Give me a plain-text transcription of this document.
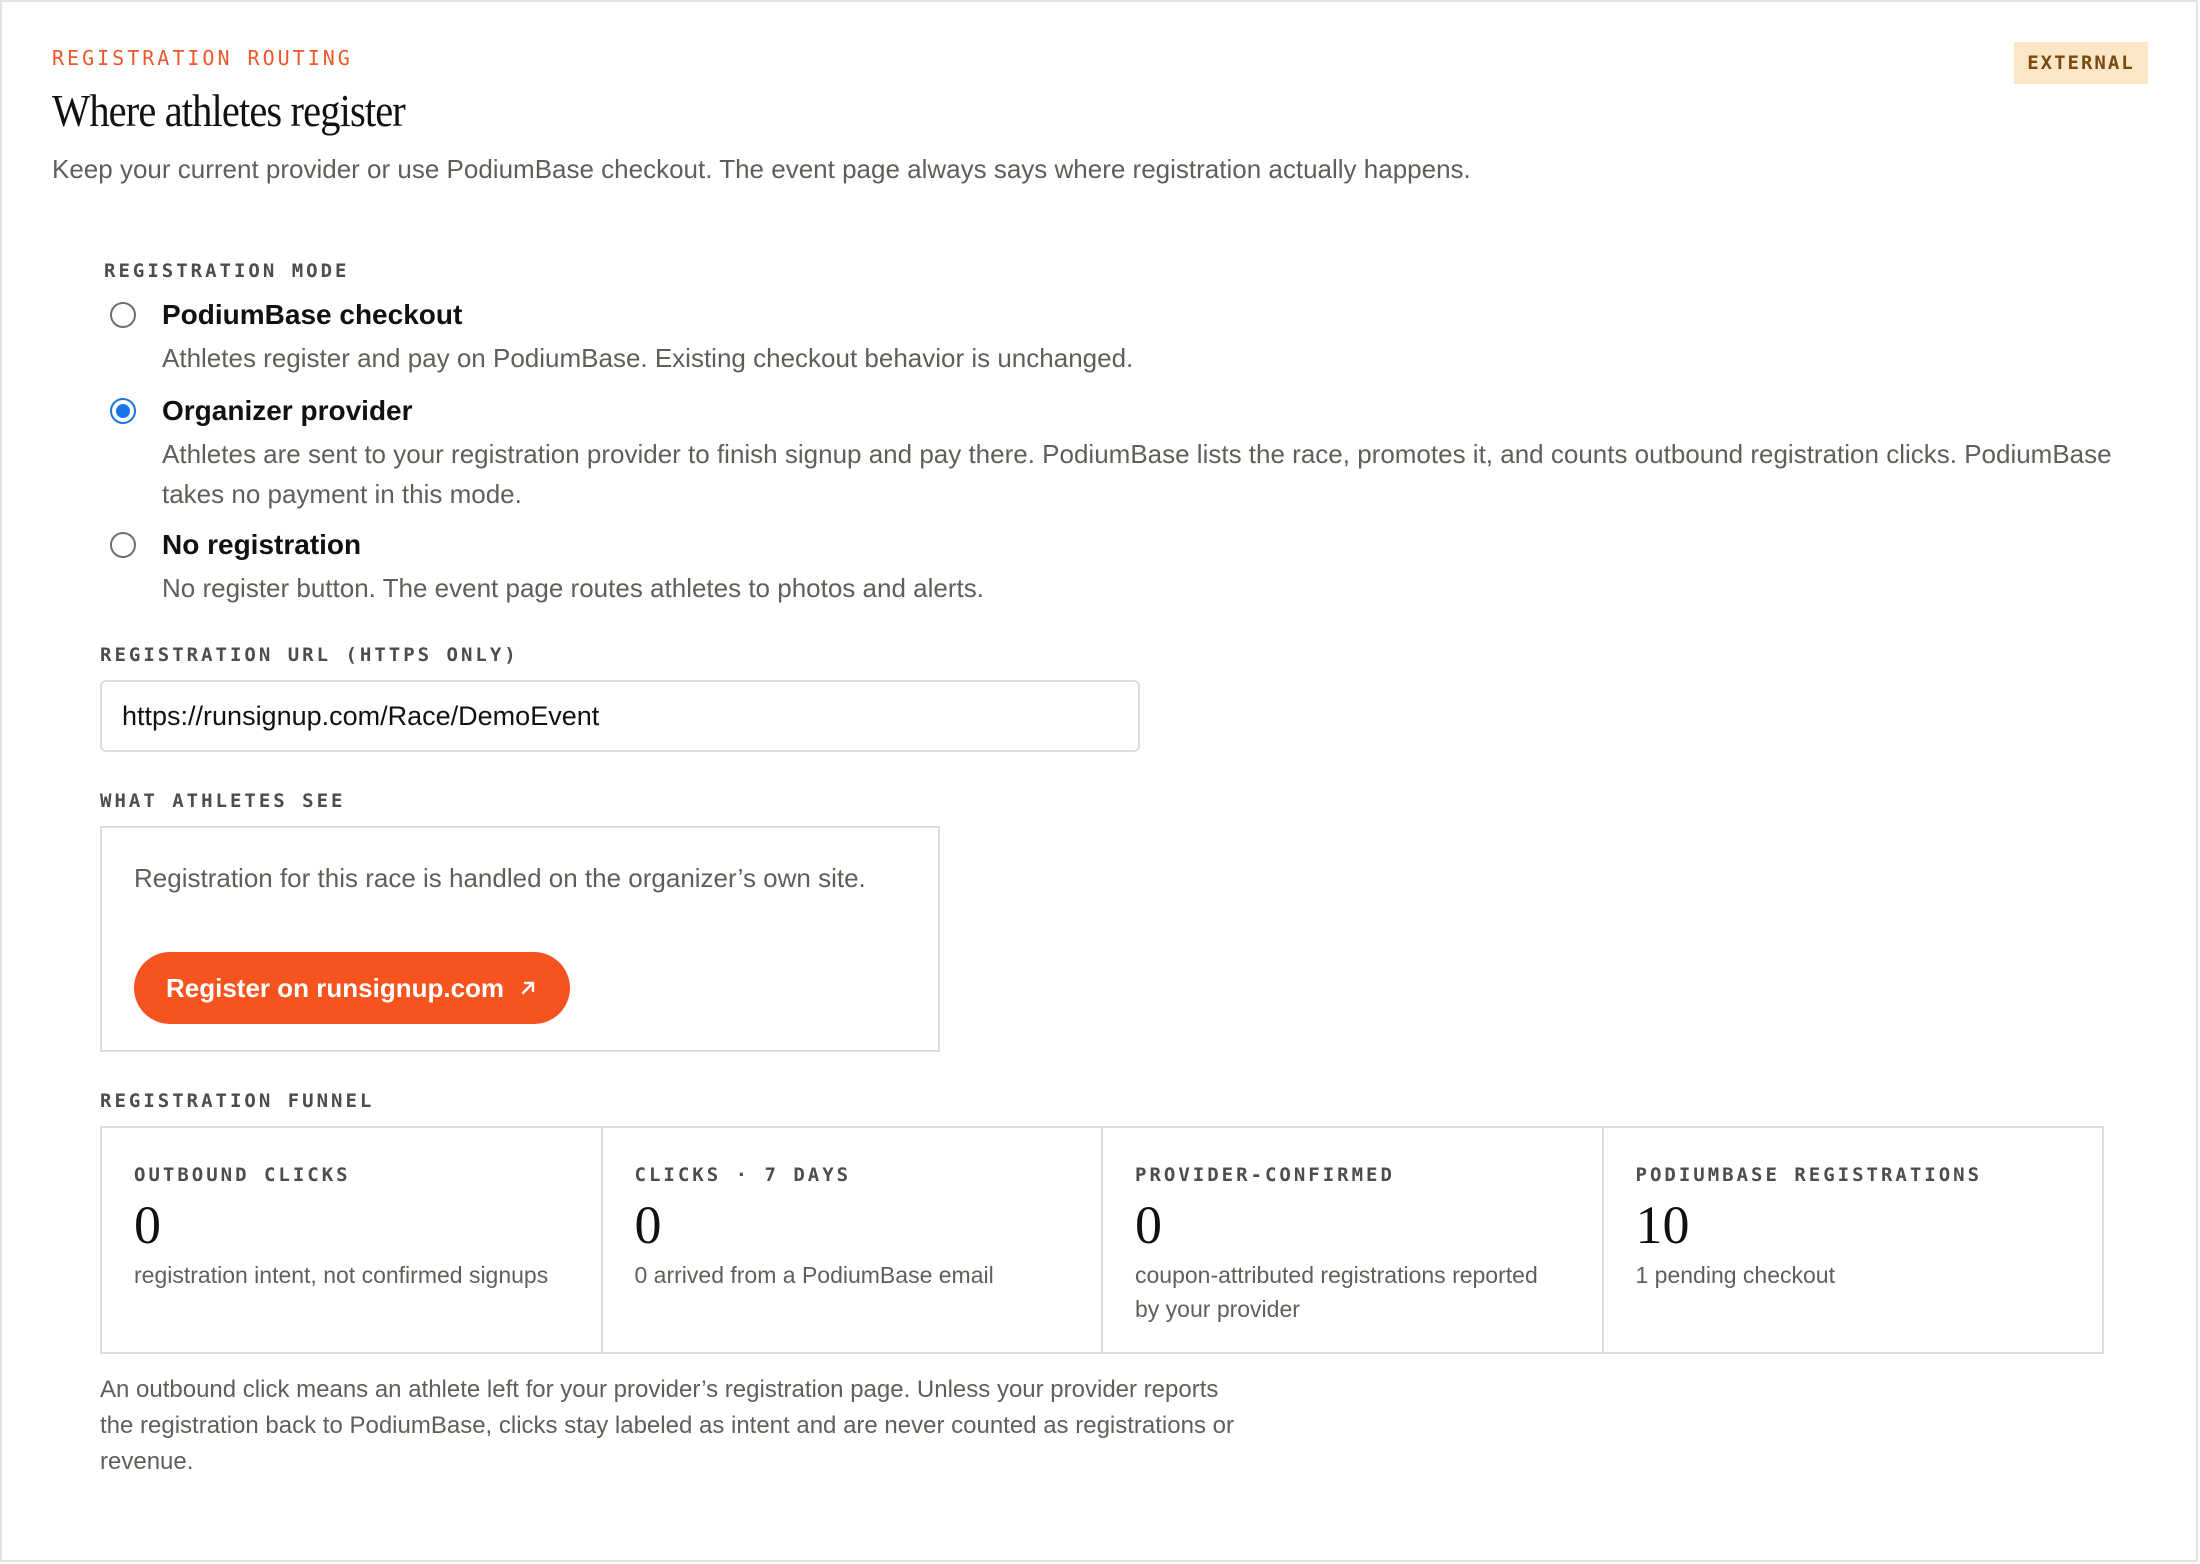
REGISTRATION ROUTING	EXTERNAL
Where athletes register

Keep your current provider or use PodiumBase checkout. The event page always says where registration actually happens.

REGISTRATION MODE
PodiumBase checkout
Athletes register and pay on PodiumBase. Existing checkout behavior is unchanged.
Organizer provider
Athletes are sent to your registration provider to finish signup and pay there. PodiumBase lists the race, promotes it, and counts outbound registration clicks. PodiumBase takes no payment in this mode.
No registration
No register button. The event page routes athletes to photos and alerts.
REGISTRATION URL (HTTPS ONLY)
https://runsignup.com/Race/DemoEvent
WHAT ATHLETES SEE

Registration for this race is handled on the organizer’s own site.

Register on runsignup.com
REGISTRATION FUNNEL
OUTBOUND CLICKS
0
registration intent, not confirmed signups
CLICKS · 7 DAYS
0
0 arrived from a PodiumBase email
PROVIDER-CONFIRMED
0
coupon-attributed registrations reported by your provider
PODIUMBASE REGISTRATIONS
10
1 pending checkout

An outbound click means an athlete left for your provider’s registration page. Unless your provider reports the registration back to PodiumBase, clicks stay labeled as intent and are never counted as registrations or revenue.
